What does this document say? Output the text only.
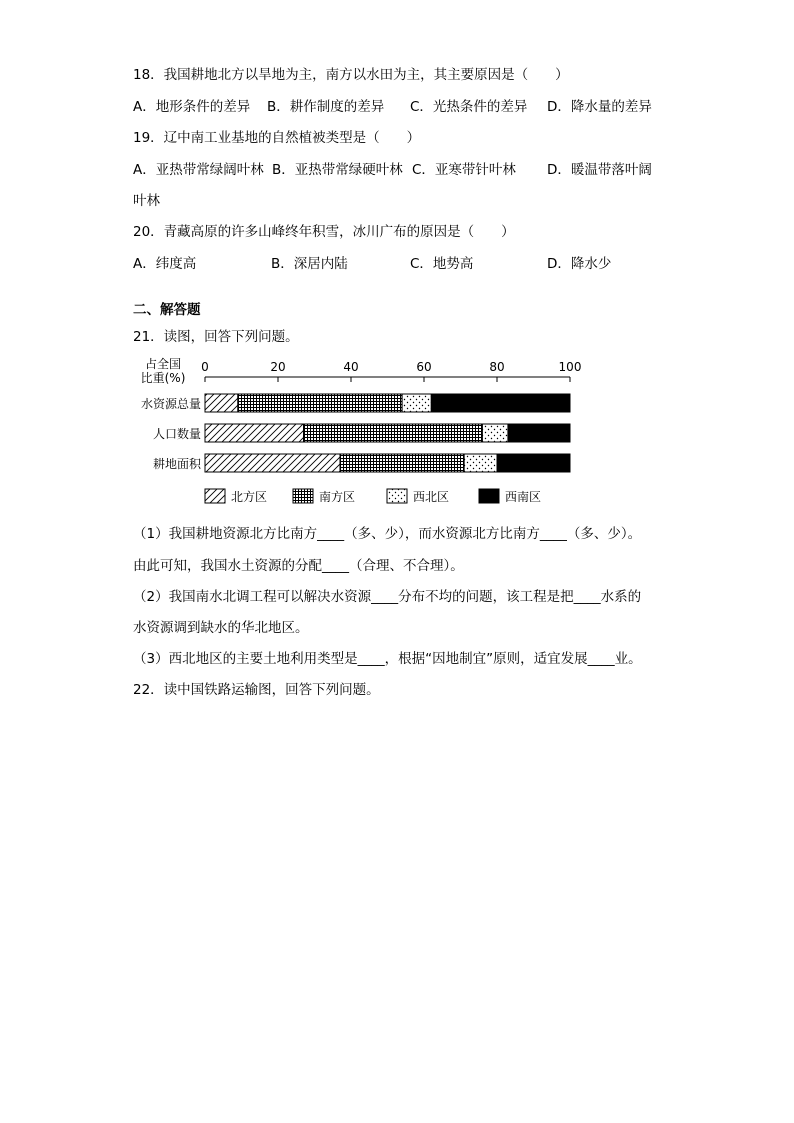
18．我国耕地北方以旱地为主，南方以水田为主，其主要原因是（　　）
A．地形条件的差异 B．耕作制度的差异 C．光热条件的差异 D．降水量的差异
19．辽中南工业基地的自然植被类型是（　　）
A．亚热带常绿阔叶林 B．亚热带常绿硬叶林 C．亚寒带针叶林 D．暖温带落叶阔
叶林
20．青藏高原的许多山峰终年积雪，冰川广布的原因是（　　）
A．纬度高	B．深居内陆	C．地势高	D．降水少
二、解答题
21．读图，回答下列问题。
占全国
比重(%)
0	20	40	60	80	100
水资源总量
人口数量
耕地面积
北方区	南方区	西北区	西南区
（1）我国耕地资源北方比南方____（多、少），而水资源北方比南方____（多、少）。
由此可知，我国水土资源的分配____（合理、不合理）。
（2）我国南水北调工程可以解决水资源____分布不均的问题，该工程是把____水系的
水资源调到缺水的华北地区。
（3）西北地区的主要土地利用类型是____，根据“因地制宜”原则，适宜发展____业。
22．读中国铁路运输图，回答下列问题。
